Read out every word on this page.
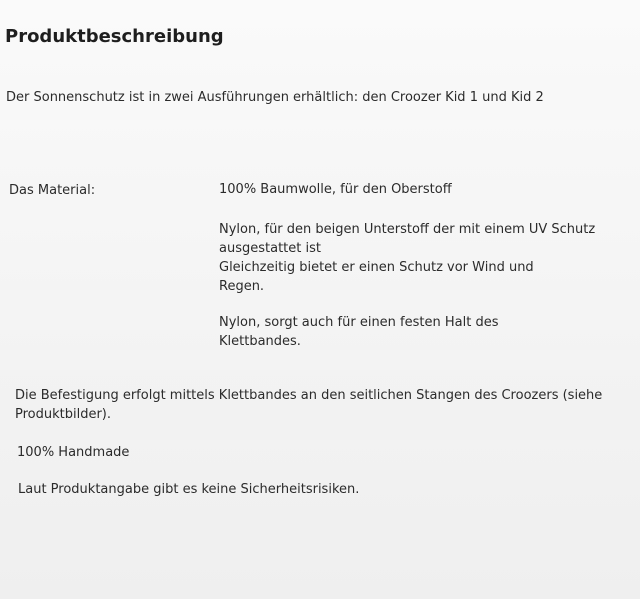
Produktbeschreibung
Der Sonnenschutz ist in zwei Ausführungen erhältlich: den Croozer Kid 1 und Kid 2
Das Material:	100% Baumwolle, für den Oberstoff
Nylon, für den beigen Unterstoff der mit einem UV Schutz
ausgestattet ist
Gleichzeitig bietet er einen Schutz vor Wind und
Regen.
Nylon, sorgt auch für einen festen Halt des
Klettbandes.
Die Befestigung erfolgt mittels Klettbandes an den seitlichen Stangen des Croozers (siehe
Produktbilder).
100% Handmade
Laut Produktangabe gibt es keine Sicherheitsrisiken.
